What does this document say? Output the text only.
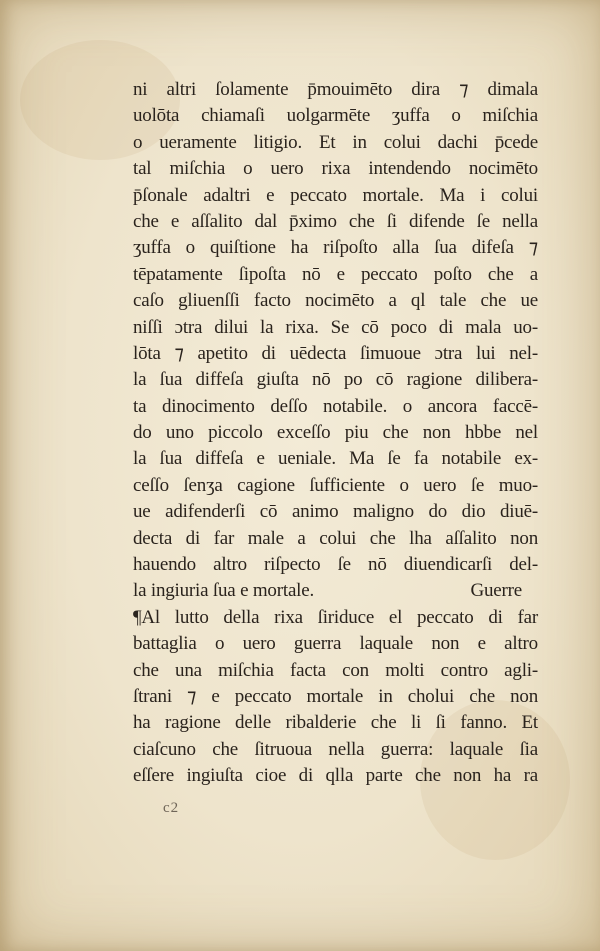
ni altri ſolamente p̄mouimēto dira ⁊ dimala
uolōta chiamaſi uolgarmēte ʒuffa o miſchia
o ueramente litigio. Et in colui dachi p̄cede
tal miſchia o uero rixa intendendo nocimēto
p̄ſonale adaltri e peccato mortale. Ma i colui
che e aſſalito dal p̄ximo che ſi difende ſe nella
ʒuffa o quiſtione ha riſpoſto alla ſua difeſa ⁊
tēpatamente ſipoſta nō e peccato poſto che a
caſo gliuenſſi facto nocimēto a ql tale che ue
niſſi ɔtra dilui la rixa. Se cō poco di mala uo-
lōta ⁊ apetito di uēdecta ſimuoue ɔtra lui nel-
la ſua diffeſa giuſta nō po cō ragione dilibera-
ta dinocimento deſſo notabile. o ancora faccē-
do uno piccolo exceſſo piu che non hbbe nel
la ſua diffeſa e ueniale. Ma ſe fa notabile ex-
ceſſo ſenʒa cagione ſufficiente o uero ſe muo-
ue adifenderſi cō animo maligno do dio diuē-
decta di far male a colui che lha aſſalito non
hauendo altro riſpecto ſe nō diuendicarſi del-
la ingiuria ſua e mortale.	Guerre
¶Al lutto della rixa ſiriduce el peccato di far
battaglia o uero guerra laquale non e altro
che una miſchia facta con molti contro agli-
ſtrani ⁊ e peccato mortale in cholui che non
ha ragione delle ribalderie che li ſi fanno. Et
ciaſcuno che ſitruoua nella guerra: laquale ſia
eſſere ingiuſta cioe di qlla parte che non ha ra
c2
